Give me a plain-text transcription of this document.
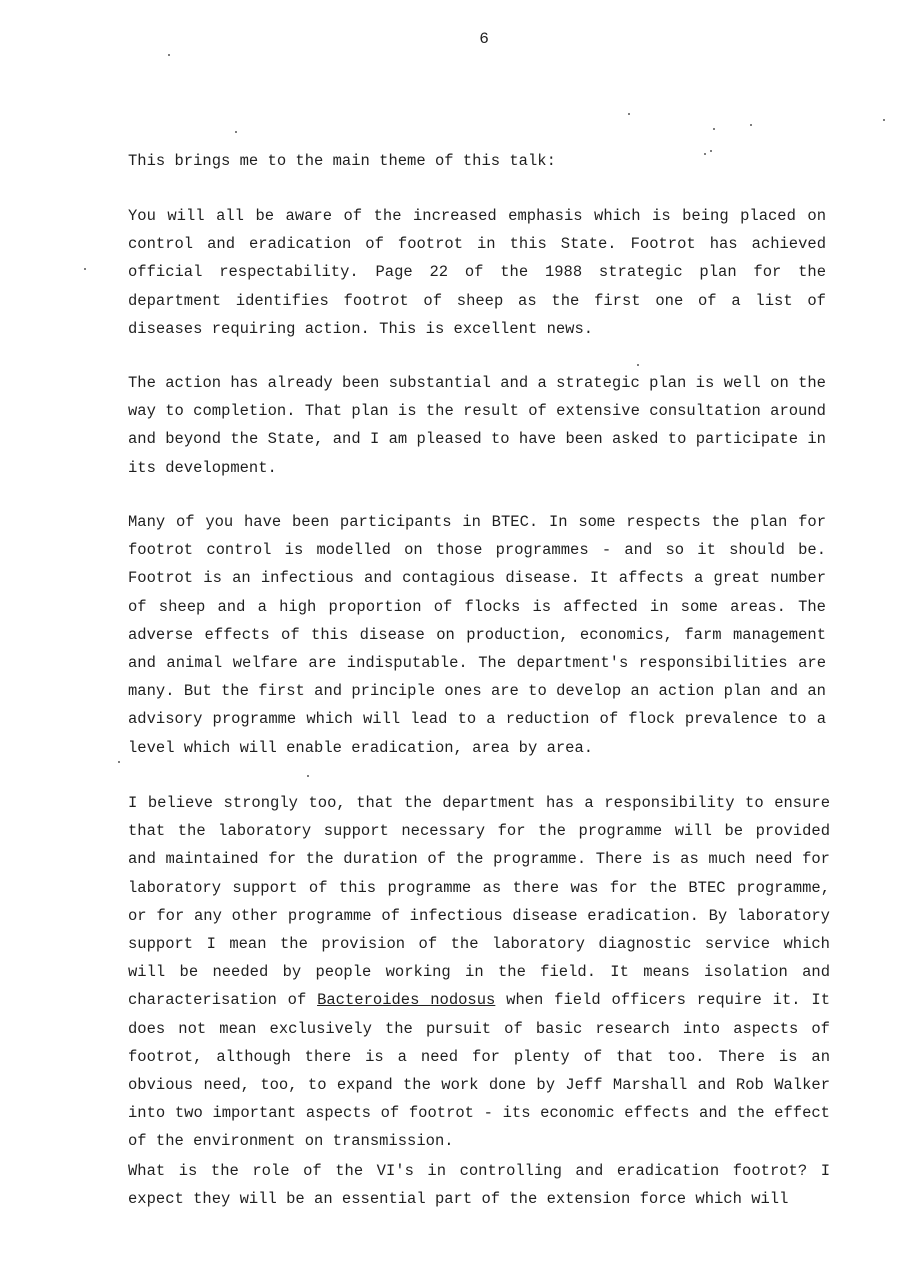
6
This brings me to the main theme of this talk:

You will all be aware of the increased emphasis which is being placed on control and eradication of footrot in this State. Footrot has achieved official respectability. Page 22 of the 1988 strategic plan for the department identifies footrot of sheep as the first one of a list of diseases requiring action. This is excellent news.

The action has already been substantial and a strategic plan is well on the way to completion. That plan is the result of extensive consultation around and beyond the State, and I am pleased to have been asked to participate in its development.

Many of you have been participants in BTEC. In some respects the plan for footrot control is modelled on those programmes - and so it should be. Footrot is an infectious and contagious disease. It affects a great number of sheep and a high proportion of flocks is affected in some areas. The adverse effects of this disease on production, economics, farm management and animal welfare are indisputable. The department's responsibilities are many. But the first and principle ones are to develop an action plan and an advisory programme which will lead to a reduction of flock prevalence to a level which will enable eradication, area by area.

I believe strongly too, that the department has a responsibility to ensure that the laboratory support necessary for the programme will be provided and maintained for the duration of the programme. There is as much need for laboratory support of this programme as there was for the BTEC programme, or for any other programme of infectious disease eradication. By laboratory support I mean the provision of the laboratory diagnostic service which will be needed by people working in the field. It means isolation and characterisation of Bacteroides nodosus when field officers require it. It does not mean exclusively the pursuit of basic research into aspects of footrot, although there is a need for plenty of that too. There is an obvious need, too, to expand the work done by Jeff Marshall and Rob Walker into two important aspects of footrot - its economic effects and the effect of the environment on transmission.

What is the role of the VI's in controlling and eradication footrot? I expect they will be an essential part of the extension force which will
